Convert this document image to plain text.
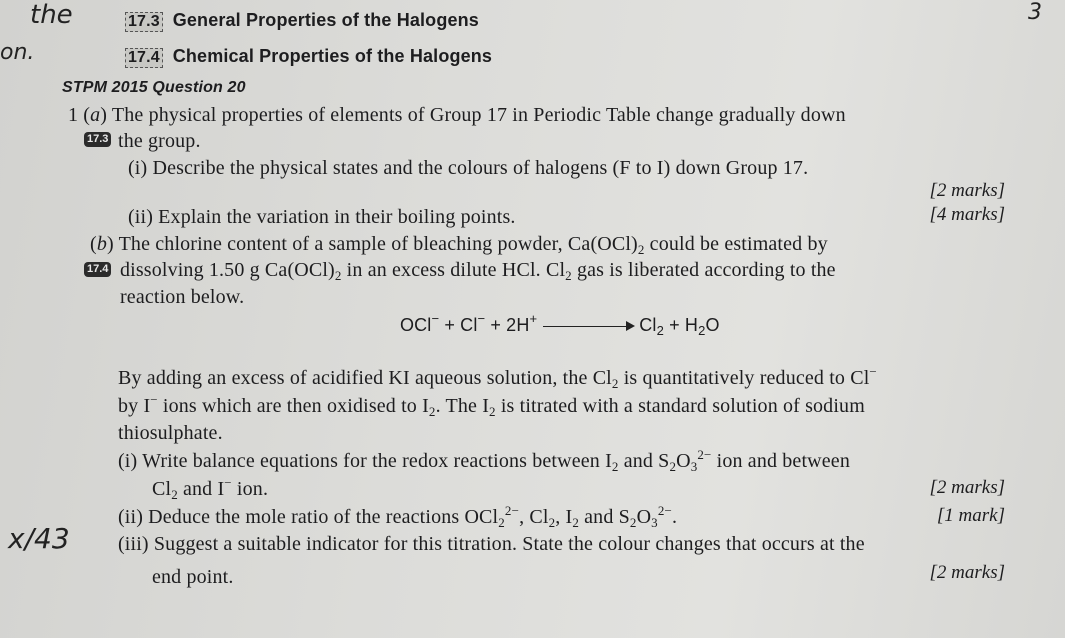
the
on.
x/43
3
17.3 General Properties of the Halogens
17.4 Chemical Properties of the Halogens
STPM 2015 Question 20
1 (a) The physical properties of elements of Group 17 in Periodic Table change gradually down
17.3 the group.
(i) Describe the physical states and the colours of halogens (F to I) down Group 17.
[2 marks]
(ii) Explain the variation in their boiling points.	[4 marks]
(b) The chlorine content of a sample of bleaching powder, $Ca(OCl)_2$ could be estimated by
17.4 dissolving 1.50 g $Ca(OCl)_2$ in an excess dilute HCl. $Cl_2$ gas is liberated according to the
reaction below.
OCl− + Cl− + 2H+	$Cl_2 + H_2O$
By adding an excess of acidified KI aqueous solution, the $Cl_2$ is quantitatively reduced to Cl−
by I− ions which are then oxidised to $I_2$. The $I_2$ is titrated with a standard solution of sodium
thiosulphate.
(i) Write balance equations for the redox reactions between $I_2$ and $S_2O_3^{2-}$ ion and between
$Cl_2$ and I− ion.	[2 marks]
(ii) Deduce the mole ratio of the reactions OCl$_2^{2-}$, $Cl_2$, $I_2$ and $S_2O_3^{2-}$.	[1 mark]
(iii) Suggest a suitable indicator for this titration. State the colour changes that occurs at the
end point.	[2 marks]
